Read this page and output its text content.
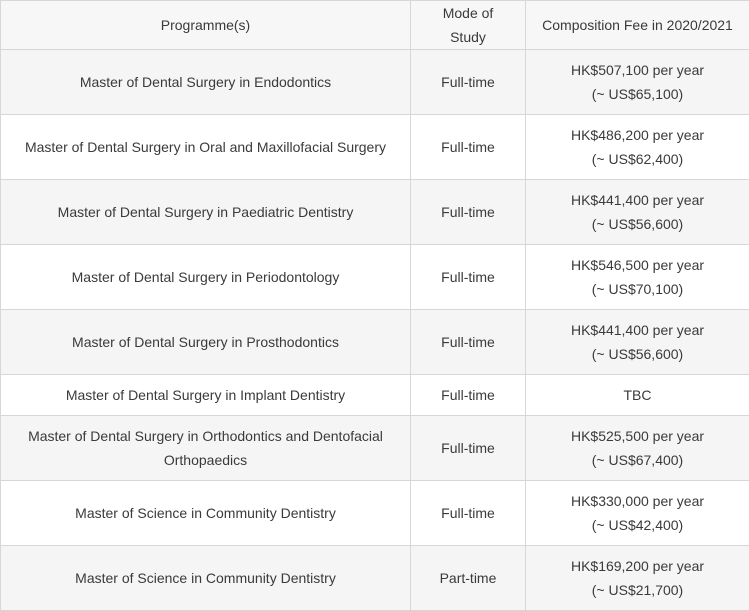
Programme(s)	Mode of Study	Composition Fee in 2020/2021
Master of Dental Surgery in Endodontics	Full-time	HK$507,100 per year
(~ US$65,100)

Master of Dental Surgery in Oral and Maxillofacial Surgery	Full-time	HK$486,200 per year
(~ US$62,400)

Master of Dental Surgery in Paediatric Dentistry	Full-time	HK$441,400 per year
(~ US$56,600)

Master of Dental Surgery in Periodontology	Full-time	HK$546,500 per year
(~ US$70,100)

Master of Dental Surgery in Prosthodontics	Full-time	HK$441,400 per year
(~ US$56,600)

Master of Dental Surgery in Implant Dentistry	Full-time	TBC

Master of Dental Surgery in Orthodontics and Dentofacial Orthopaedics	Full-time	HK$525,500 per year
(~ US$67,400)

Master of Science in Community Dentistry	Full-time	HK$330,000 per year
(~ US$42,400)

Master of Science in Community Dentistry	Part-time	HK$169,200 per year
(~ US$21,700)
